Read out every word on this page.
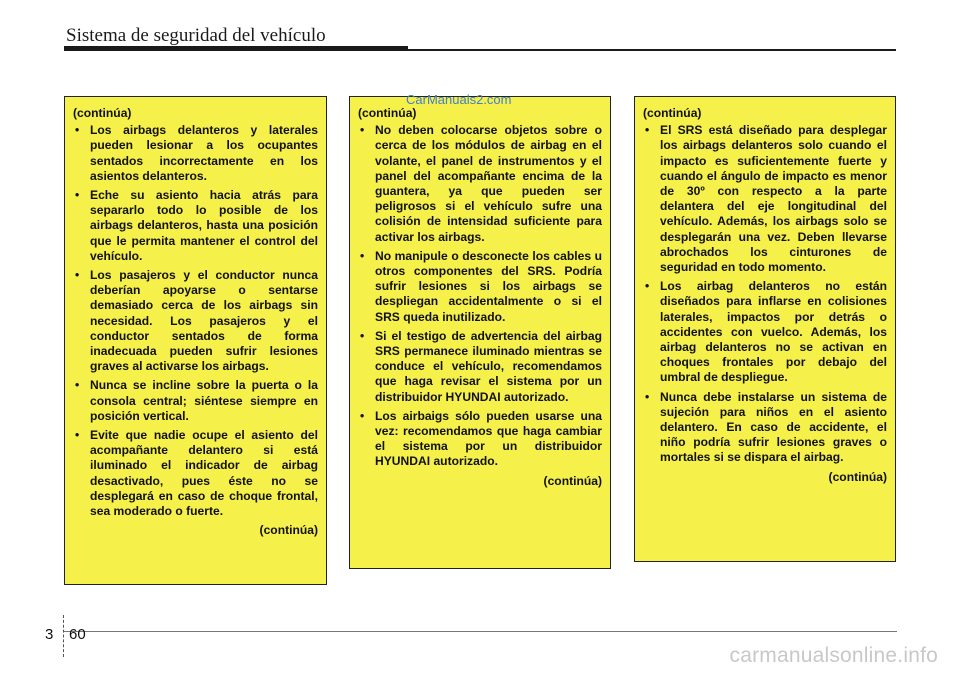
Sistema de seguridad del vehículo
(continúa)
• Los airbags delanteros y laterales pueden lesionar a los ocupantes sentados incorrectamente en los asientos delanteros.
• Eche su asiento hacia atrás para separarlo todo lo posible de los airbags delanteros, hasta una posición que le permita mantener el control del vehículo.
• Los pasajeros y el conductor nunca deberían apoyarse o sentarse demasiado cerca de los airbags sin necesidad. Los pasajeros y el conductor sentados de forma inadecuada pueden sufrir lesiones graves al activarse los airbags.
• Nunca se incline sobre la puerta o la consola central; siéntese siempre en posición vertical.
• Evite que nadie ocupe el asiento del acompañante delantero si está iluminado el indicador de airbag desactivado, pues éste no se desplegará en caso de choque frontal, sea moderado o fuerte.
(continúa)
(continúa)
• No deben colocarse objetos sobre o cerca de los módulos de airbag en el volante, el panel de instrumentos y el panel del acompañante encima de la guantera, ya que pueden ser peligrosos si el vehículo sufre una colisión de intensidad suficiente para activar los airbags.
• No manipule o desconecte los cables u otros componentes del SRS. Podría sufrir lesiones si los airbags se despliegan accidentalmente o si el SRS queda inutilizado.
• Si el testigo de advertencia del airbag SRS permanece iluminado mientras se conduce el vehículo, recomendamos que haga revisar el sistema por un distribuidor HYUNDAI autorizado.
• Los airbaigs sólo pueden usarse una vez: recomendamos que haga cambiar el sistema por un distribuidor HYUNDAI autorizado.
(continúa)
(continúa)
• El SRS está diseñado para desplegar los airbags delanteros solo cuando el impacto es suficientemente fuerte y cuando el ángulo de impacto es menor de 30º con respecto a la parte delantera del eje longitudinal del vehículo. Además, los airbags solo se desplegarán una vez. Deben llevarse abrochados los cinturones de seguridad en todo momento.
• Los airbag delanteros no están diseñados para inflarse en colisiones laterales, impactos por detrás o accidentes con vuelco. Además, los airbag delanteros no se activan en choques frontales por debajo del umbral de despliegue.
• Nunca debe instalarse un sistema de sujeción para niños en el asiento delantero. En caso de accidente, el niño podría sufrir lesiones graves o mortales si se dispara el airbag.
(continúa)
CarManuals2.com
3 60
carmanualsonline.info
